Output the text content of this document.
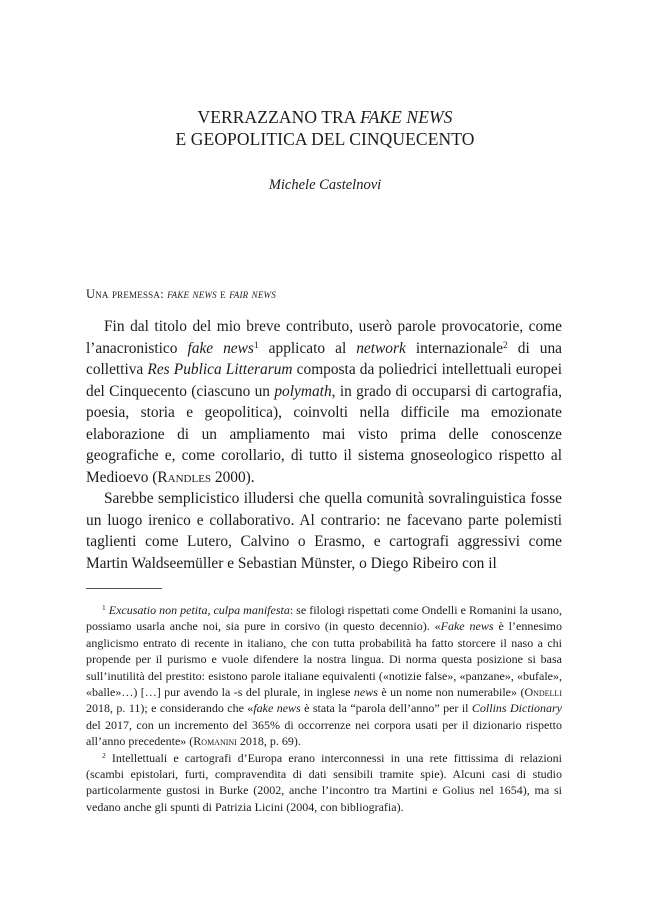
VERRAZZANO TRA FAKE NEWS
E GEOPOLITICA DEL CINQUECENTO
Michele Castelnovi
Una premessa: fake news e fair news

Fin dal titolo del mio breve contributo, userò parole provocatorie, come l’anacronistico fake news$^1$ applicato al network internazionale$^2$ di una collettiva Res Publica Litterarum composta da poliedrici intellettuali europei del Cinquecento (ciascuno un polymath, in grado di occuparsi di cartografia, poesia, storia e geopolitica), coinvolti nella difficile ma emozionate elaborazione di un ampliamento mai visto prima delle conoscenze geografiche e, come corollario, di tutto il sistema gnoseologico rispetto al Medioevo (Randles 2000).

Sarebbe semplicistico illudersi che quella comunità sovralinguistica fosse un luogo irenico e collaborativo. Al contrario: ne facevano parte polemisti taglienti come Lutero, Calvino o Erasmo, e cartografi aggressivi come Martin Waldseemüller e Sebastian Münster, o Diego Ribeiro con il

$^1$ Excusatio non petita, culpa manifesta: se filologi rispettati come Ondelli e Romanini la usano, possiamo usarla anche noi, sia pure in corsivo (in questo decennio). «Fake news è l’ennesimo anglicismo entrato di recente in italiano, che con tutta probabilità ha fatto storcere il naso a chi propende per il purismo e vuole difendere la nostra lingua. Di norma questa posizione si basa sull’inutilità del prestito: esistono parole italiane equivalenti («notizie false», «panzane», «bufale», «balle»…) […] pur avendo la -s del plurale, in inglese news è un nome non numerabile» (Ondelli 2018, p. 11); e considerando che «fake news è stata la “parola dell’anno” per il Collins Dictionary del 2017, con un incremento del 365% di occorrenze nei corpora usati per il dizionario rispetto all’anno precedente» (Romanini 2018, p. 69).

$^2$ Intellettuali e cartografi d’Europa erano interconnessi in una rete fittissima di relazioni (scambi epistolari, furti, compravendita di dati sensibili tramite spie). Alcuni casi di studio particolarmente gustosi in Burke (2002, anche l’incontro tra Martini e Golius nel 1654), ma si vedano anche gli spunti di Patrizia Licini (2004, con bibliografia).
